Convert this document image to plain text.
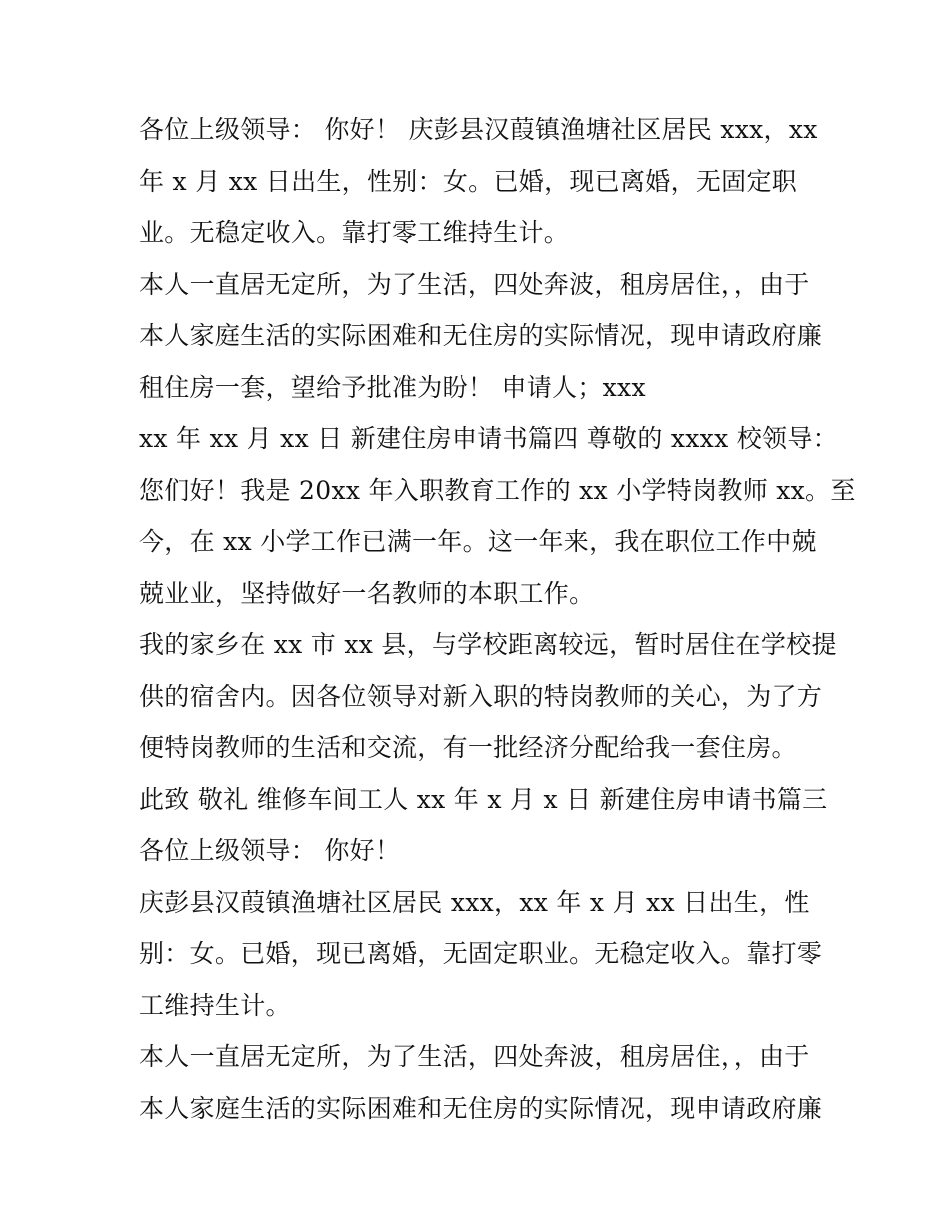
各位上级领导： 你好！ 庆彭县汉葭镇渔塘社区居民 xxx，xx
年 x 月 xx 日出生，性别：女。已婚，现已离婚，无固定职
业。无稳定收入。靠打零工维持生计。
本人一直居无定所，为了生活，四处奔波，租房居住，，由于
本人家庭生活的实际困难和无住房的实际情况，现申请政府廉
租住房一套，望给予批准为盼！ 申请人；xxx
xx 年 xx 月 xx 日 新建住房申请书篇四 尊敬的 xxxx 校领导：
您们好！我是 20xx 年入职教育工作的 xx 小学特岗教师 xx。至
今，在 xx 小学工作已满一年。这一年来，我在职位工作中兢
兢业业，坚持做好一名教师的本职工作。
我的家乡在 xx 市 xx 县，与学校距离较远，暂时居住在学校提
供的宿舍内。因各位领导对新入职的特岗教师的关心，为了方
便特岗教师的生活和交流，有一批经济分配给我一套住房。
此致 敬礼 维修车间工人 xx 年 x 月 x 日 新建住房申请书篇三
各位上级领导： 你好！
庆彭县汉葭镇渔塘社区居民 xxx，xx 年 x 月 xx 日出生，性
别：女。已婚，现已离婚，无固定职业。无稳定收入。靠打零
工维持生计。
本人一直居无定所，为了生活，四处奔波，租房居住，，由于
本人家庭生活的实际困难和无住房的实际情况，现申请政府廉
